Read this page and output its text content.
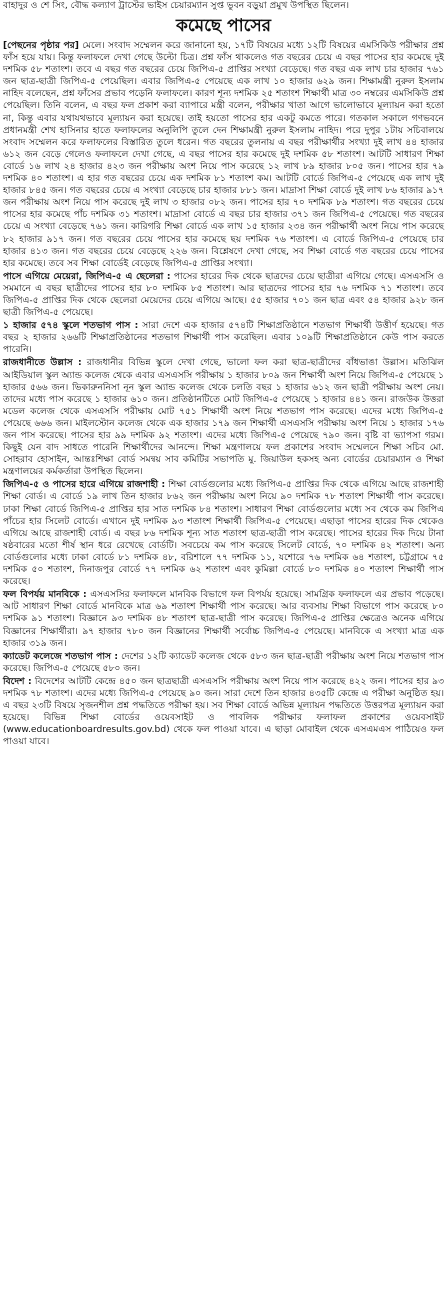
বাহাদুর ও শে সিং, বৌদ্ধ কল্যাণ ট্রাস্টের ভাইস চেয়ারম্যান সুপ্ত ভুবন বড়ুয়া প্রমুখ উপস্থিত ছিলেন।
কমেছে পাসের

[পেছনের পৃষ্ঠার পর] মেলে। সংবাদ সম্মেলন করে জানানো হয়, ১৭টি বিষয়ের মধ্যে ১২টি বিষয়ের এমসিকিউ পরীক্ষার প্রশ্ন ফাঁস হয়ে যায়। কিন্তু ফলাফলে দেখা গেছে উল্টো চিত্র। প্রশ্ন ফাঁস থাকলেও গত বছরের চেয়ে এ বছর পাসের হার কমেছে দুই দশমিক ৫৮ শতাংশ। তবে এ বছর গত বছরের চেয়ে জিপিএ-৫ প্রাপ্তির সংখ্যা বেড়েছে। গত বছর এক লাখ চার হাজার ৭৬১ জন ছাত্র-ছাত্রী জিপিএ-৫ পেয়েছিল। এবার জিপিএ-৫ পেয়েছে এক লাখ ১০ হাজার ৬২৯ জন। শিক্ষামন্ত্রী নুরুল ইসলাম নাহিদ বলেছেন, প্রশ্ন ফাঁসের প্রভাব পড়েনি ফলাফলে। কারণ শূন্য দশমিক ২৫ শতাংশ শিক্ষার্থী মাত্র ৩০ নম্বরের এমসিকিউ প্রশ্ন পেয়েছিল। তিনি বলেন, এ বছর ফল প্রকাশ করা ব্যাপারে মন্ত্রী বলেন, পরীক্ষার খাতা আগে ভালোভাবে মূল্যায়ন করা হতো না, কিন্তু এবার যথাযথভাবে মূল্যায়ন করা হয়েছে। তাই হয়তো পাসের হার একটু কমতে পারে। গতকাল সকালে গণভবনে প্রধানমন্ত্রী শেখ হাসিনার হাতে ফলাফলের অনুলিপি তুলে দেন শিক্ষামন্ত্রী নুরুল ইসলাম নাহিদ। পরে দুপুর ১টায় সচিবালয়ে সংবাদ সম্মেলন করে ফলাফলের বিস্তারিত তুলে ধরেন। গত বছরের তুলনায় এ বছর পরীক্ষার্থীর সংখ্যা দুই লাখ ৪৪ হাজার ৬১২ জন বেড়ে গেলেও ফলাফলে দেখা গেছে, এ বছর পাসের হার কমেছে দুই দশমিক ৫৮ শতাংশ। আটটি সাধারণ শিক্ষা বোর্ডে ১৬ লাখ ২৪ হাজার ৪২৩ জন পরীক্ষায় অংশ নিয়ে পাস করেছে ১২ লাখ ৮৯ হাজার ৮০৫ জন। পাসের হার ৭৯ দশমিক ৪০ শতাংশ। এ হার গত বছরের চেয়ে এক দশমিক ৮১ শতাংশ কম। আটটি বোর্ডে জিপিএ-৫ পেয়েছে এক লাখ দুই হাজার ৮৪৫ জন। গত বছরের চেয়ে এ সংখ্যা বেড়েছে চার হাজার ৮৮১ জন। মাদ্রাসা শিক্ষা বোর্ডে দুই লাখ ৮৬ হাজার ৯১৭ জন পরীক্ষায় অংশ নিয়ে পাস করেছে দুই লাখ ৩ হাজার ০৮২ জন। পাসের হার ৭০ দশমিক ৮৯ শতাংশ। গত বছরের চেয়ে পাসের হার কমেছে পাঁচ দশমিক ৩১ শতাংশ। মাদ্রাসা বোর্ডে এ বছর চার হাজার ৩৭১ জন জিপিএ-৫ পেয়েছে। গত বছরের চেয়ে এ সংখ্যা বেড়েছে ৭৬১ জন। কারিগরি শিক্ষা বোর্ডে এক লাখ ১৫ হাজার ২৩৪ জন পরীক্ষার্থী অংশ নিয়ে পাস করেছে ৮২ হাজার ৯১৭ জন। গত বছরের চেয়ে পাসের হার কমেছে ছয় দশমিক ৭৬ শতাংশ। এ বোর্ডে জিপিএ-৫ পেয়েছে চার হাজার ৪১৩ জন। গত বছরের চেয়ে বেড়েছে ২২৬ জন। বিশ্লেষণে দেখা গেছে, সব শিক্ষা বোর্ডে গত বছরের চেয়ে পাসের হার কমেছে। তবে সব শিক্ষা বোর্ডেই বেড়েছে জিপিএ-৫ প্রাপ্তির সংখ্যা।

পাসে এগিয়ে মেয়েরা, জিপিএ-৫ এ ছেলেরা : পাসের হারের দিক থেকে ছাত্রদের চেয়ে ছাত্রীরা এগিয়ে গেছে। এসএসসি ও সমমানে এ বছর ছাত্রীদের পাসের হার ৮০ দশমিক ৮৫ শতাংশ। আর ছাত্রদের পাসের হার ৭৬ দশমিক ৭১ শতাংশ। তবে জিপিএ-৫ প্রাপ্তির দিক থেকে ছেলেরা মেয়েদের চেয়ে এগিয়ে আছে। ৫৫ হাজার ৭০১ জন ছাত্র এবং ৫৪ হাজার ৯২৮ জন ছাত্রী জিপিএ-৫ পেয়েছে।

১ হাজার ৫৭৪ স্কুলে শতভাগ পাস : সারা দেশে এক হাজার ৫৭৪টি শিক্ষাপ্রতিষ্ঠানে শতভাগ শিক্ষার্থী উত্তীর্ণ হয়েছে। গত বছর ২ হাজার ২৬৬টি শিক্ষাপ্রতিষ্ঠানের শতভাগ শিক্ষার্থী পাস করেছিল। এবার ১০৯টি শিক্ষাপ্রতিষ্ঠানে কেউ পাস করতে পারেনি।

রাজধানীতে উল্লাস : রাজধানীর বিভিন্ন স্কুলে দেখা গেছে, ভালো ফল করা ছাত্র-ছাত্রীদের বাঁধভাঙা উল্লাস। মতিঝিল আইডিয়াল স্কুল অ্যান্ড কলেজ থেকে এবার এসএসসি পরীক্ষায় ১ হাজার ৮০৯ জন শিক্ষার্থী অংশ নিয়ে জিপিএ-৫ পেয়েছে ১ হাজার ৫৬৬ জন। ভিকারুননিসা নূন স্কুল অ্যান্ড কলেজ থেকে চলতি বছর ১ হাজার ৬১২ জন ছাত্রী পরীক্ষায় অংশ নেয়। তাদের মধ্যে পাস করেছে ১ হাজার ৬১০ জন। প্রতিষ্ঠানটিতে মোট জিপিএ-৫ পেয়েছে ১ হাজার ৪৪১ জন। রাজউক উত্তরা মডেল কলেজ থেকে এসএসসি পরীক্ষায় মোট ৭৫১ শিক্ষার্থী অংশ নিয়ে শতভাগ পাস করেছে। এদের মধ্যে জিপিএ-৫ পেয়েছে ৬৬৬ জন। মাইলস্টোন কলেজ থেকে এক হাজার ১৭৯ জন শিক্ষার্থী এসএসসি পরীক্ষায় অংশ নিয়ে ১ হাজার ১৭৬ জন পাস করেছে। পাসের হার ৯৯ দশমিক ৯২ শতাংশ। এদের মধ্যে জিপিএ-৫ পেয়েছে ৭৯০ জন। বৃষ্টি বা ভ্যাপসা গরম। কিছুই যেন বাদ সাধতে পারেনি শিক্ষার্থীদের আনন্দে। শিক্ষা মন্ত্রণালয়ে ফল প্রকাশের সংবাদ সম্মেলনে শিক্ষা সচিব মো. সোহরাব হোসাইন, আন্তঃশিক্ষা বোর্ড সমন্বয় সাব কমিটির সভাপতি মু. জিয়াউল হকসহ অন্য বোর্ডের চেয়ারম্যান ও শিক্ষা মন্ত্রণালয়ের কর্মকর্তারা উপস্থিত ছিলেন।

জিপিএ-৫ ও পাসের হারে এগিয়ে রাজশাহী : শিক্ষা বোর্ডগুলোর মধ্যে জিপিএ-৫ প্রাপ্তির দিক থেকে এগিয়ে আছে রাজশাহী শিক্ষা বোর্ড। এ বোর্ডে ১৯ লাখ তিন হাজার ৮৬২ জন পরীক্ষায় অংশ নিয়ে ৯০ দশমিক ৭৮ শতাংশ শিক্ষার্থী পাস করেছে। ঢাকা শিক্ষা বোর্ডে জিপিএ-৫ প্রাপ্তির হার সাত দশমিক ৮৪ শতাংশ। সাধারণ শিক্ষা বোর্ডগুলোর মধ্যে সব থেকে কম জিপিএ পাঁচের হার সিলেট বোর্ডে। এখানে দুই দশমিক ৯৩ শতাংশ শিক্ষার্থী জিপিএ-৫ পেয়েছে। এছাড়া পাসের হারের দিক থেকেও এগিয়ে আছে রাজশাহী বোর্ড। এ বছর ৮৬ দশমিক শূন্য সাত শতাংশ ছাত্র-ছাত্রী পাস করেছে। পাসের হারের দিক দিয়ে টানা ষষ্ঠবারের মতো শীর্ষ স্থান ধরে রেখেছে বোর্ডটি। সবচেয়ে কম পাস করেছে সিলেট বোর্ডে, ৭০ দশমিক ৪২ শতাংশ। অন্য বোর্ডগুলোর মধ্যে ঢাকা বোর্ডে ৮১ দশমিক ৪৮, বরিশালে ৭৭ দশমিক ১১, যশোরে ৭৬ দশমিক ৬৪ শতাংশ, চট্টগ্রামে ৭৫ দশমিক ৫০ শতাংশ, দিনাজপুর বোর্ডে ৭৭ দশমিক ৬২ শতাংশ এবং কুমিল্লা বোর্ডে ৮০ দশমিক ৪০ শতাংশ শিক্ষার্থী পাস করেছে।

ফল বিপর্যয় মানবিকে : এসএসসির ফলাফলে মানবিক বিভাগে ফল বিপর্যয় হয়েছে। সামগ্রিক ফলাফলে এর প্রভাব পড়েছে। আট সাধারণ শিক্ষা বোর্ডে মানবিকে মাত্র ৬৯ শতাংশ শিক্ষার্থী পাস করেছে। আর ব্যবসায় শিক্ষা বিভাগে পাস করেছে ৮০ দশমিক ৯১ শতাংশ। বিজ্ঞানে ৯৩ দশমিক ৪৮ শতাংশ ছাত্র-ছাত্রী পাস করেছে। জিপিএ-৫ প্রাপ্তির ক্ষেত্রেও অনেক এগিয়ে বিজ্ঞানের শিক্ষার্থীরা। ৯৭ হাজার ৭৮০ জন বিজ্ঞানের শিক্ষার্থী সর্বোচ্চ জিপিএ-৫ পেয়েছে। মানবিকে এ সংখ্যা মাত্র এক হাজার ৩১৯ জন।

ক্যাডেট কলেজে শতভাগ পাস : দেশের ১২টি ক্যাডেট কলেজ থেকে ৫৮৩ জন ছাত্র-ছাত্রী পরীক্ষায় অংশ নিয়ে শতভাগ পাস করেছে। জিপিএ-৫ পেয়েছে ৫৮০ জন।

বিদেশ : বিদেশের আটটি কেন্দ্রে ৪৫০ জন ছাত্রছাত্রী এসএসসি পরীক্ষায় অংশ নিয়ে পাস করেছে ৪২২ জন। পাসের হার ৯৩ দশমিক ৭৮ শতাংশ। এদের মধ্যে জিপিএ-৫ পেয়েছে ৯০ জন। সারা দেশে তিন হাজার ৪৩৫টি কেন্দ্রে এ পরীক্ষা অনুষ্ঠিত হয়। এ বছর ২৩টি বিষয়ে সৃজনশীল প্রশ্ন পদ্ধতিতে পরীক্ষা হয়। সব শিক্ষা বোর্ডে অভিন্ন মূল্যায়ন পদ্ধতিতে উত্তরপত্র মূল্যায়ন করা হয়েছে। বিভিন্ন শিক্ষা বোর্ডের ওয়েবসাইট ও পাবলিক পরীক্ষার ফলাফল প্রকাশের ওয়েবসাইট (www.educationboardresults.gov.bd) থেকে ফল পাওয়া যাবে। এ ছাড়া মোবাইল থেকে এসএমএস পাঠিয়েও ফল পাওয়া যাবে।
